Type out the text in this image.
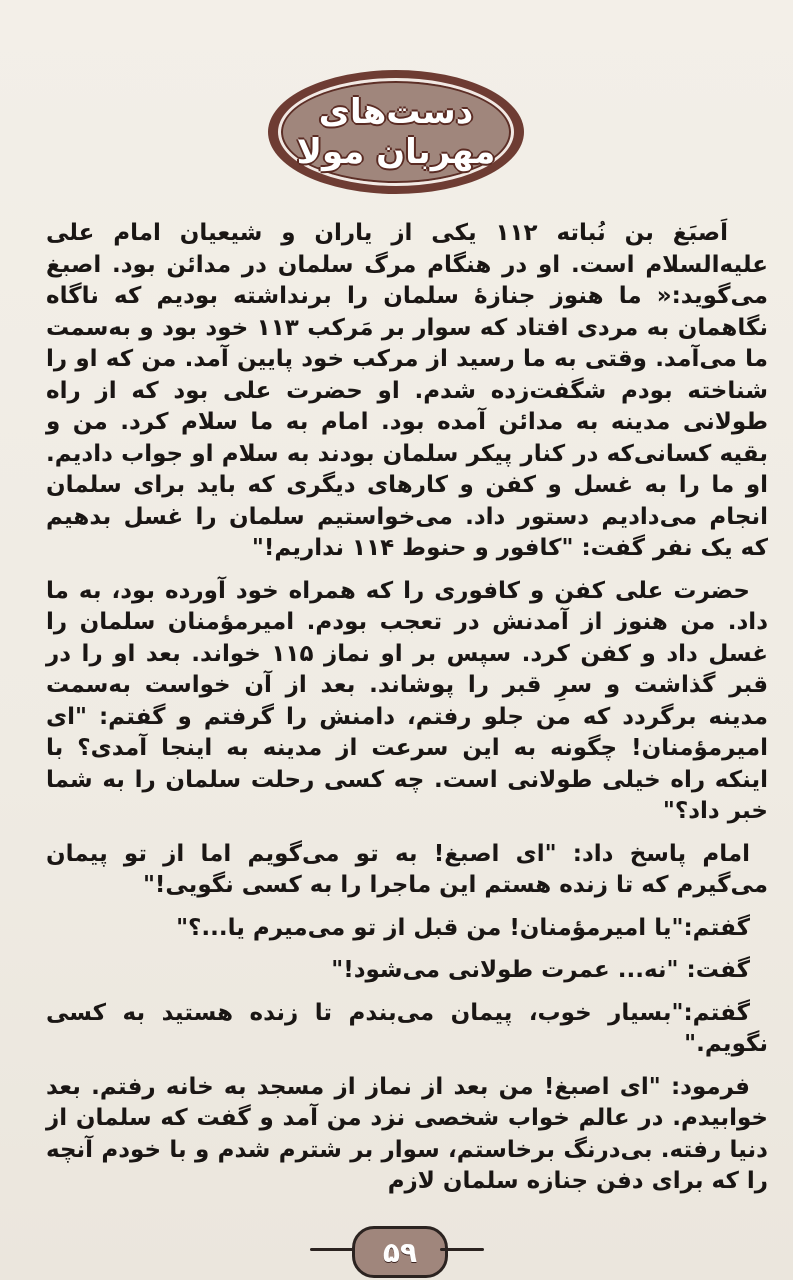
دست‌های
مهربان مولا

اَصبَغ بن نُباته ۱۱۲ یکی از یاران و شیعیان امام علی علیه‌السلام است. او در هنگام مرگ سلمان در مدائن بود. اصبغ می‌گوید:« ما هنوز جنازهٔ سلمان را برنداشته بودیم که ناگاه نگاهمان به مردی افتاد که سوار بر مَرکب ۱۱۳ خود بود و به‌سمت ما می‌آمد. وقتی به ما رسید از مرکب خود پایین آمد. من که او را شناخته بودم شگفت‌زده شدم. او حضرت علی بود که از راه طولانی مدینه به مدائن آمده بود. امام به ما سلام کرد. من و بقیه کسانی‌که در کنار پیکر سلمان بودند به سلام او جواب دادیم. او ما را به غسل و کفن و کارهای دیگری که باید برای سلمان انجام می‌دادیم دستور داد. می‌خواستیم سلمان را غسل بدهیم که یک نفر گفت: "کافور و حنوط ۱۱۴ نداریم!"

حضرت علی کفن و کافوری را که همراه خود آورده بود، به ما داد. من هنوز از آمدنش در تعجب بودم. امیرمؤمنان سلمان را غسل داد و کفن کرد. سپس بر او نماز ۱۱۵ خواند. بعد او را در قبر گذاشت و سرِ قبر را پوشاند. بعد از آن خواست به‌سمت مدینه برگردد که من جلو رفتم، دامنش را گرفتم و گفتم: "ای امیرمؤمنان! چگونه به این سرعت از مدینه به اینجا آمدی؟ با اینکه راه خیلی طولانی است. چه کسی رحلت سلمان را به شما خبر داد؟"

امام پاسخ داد: "ای اصبغ! به تو می‌گویم اما از تو پیمان می‌گیرم که تا زنده هستم این ماجرا را به کسی نگویی!"

گفتم:"یا امیرمؤمنان! من قبل از تو می‌میرم یا...؟"

گفت: "نه... عمرت طولانی می‌شود!"

گفتم:"بسیار خوب، پیمان می‌بندم تا زنده هستید به کسی نگویم."

فرمود: "ای اصبغ! من بعد از نماز از مسجد به خانه رفتم. بعد خوابیدم. در عالم خواب شخصی نزد من آمد و گفت که سلمان از دنیا رفته. بی‌درنگ برخاستم، سوار بر شترم شدم و با خودم آنچه را که برای دفن جنازه سلمان لازم

۵۹
